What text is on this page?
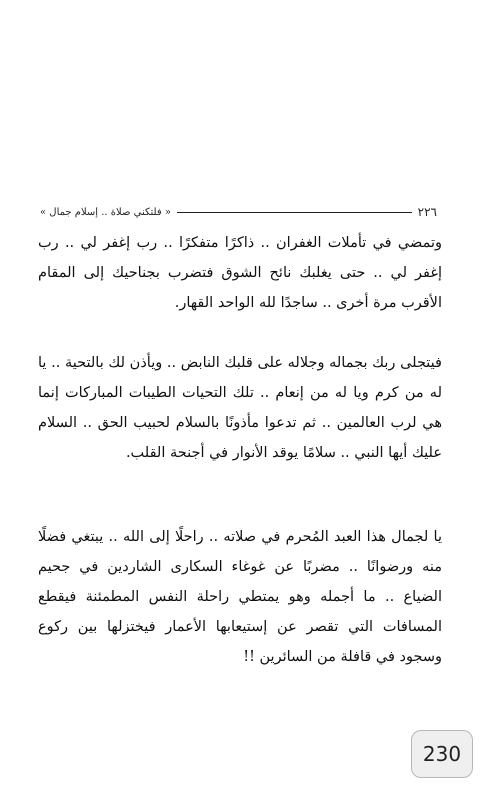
٢٢٦
« فلتكني صلاة .. إسلام جمال »

وتمضي في تأملات الغفران .. ذاكرًا متفكرًا .. رب إغفر لي .. رب إغفر لي .. حتى يغلبك نائح الشوق فتضرب بجناحيك إلى المقام الأقرب مرة أخرى .. ساجدًا لله الواحد القهار.

فيتجلى ربك بجماله وجلاله على قلبك النابض .. ويأذن لك بالتحية .. يا له من كرم ويا له من إنعام .. تلك التحيات الطيبات المباركات إنما هي لرب العالمين .. ثم تدعوا مأذونًا بالسلام لحبيب الحق .. السلام عليك أيها النبي .. سلامًا يوقد الأنوار في أجنحة القلب.

يا لجمال هذا العبد المُحرم في صلاته .. راحلًا إلى الله .. يبتغي فضلًا منه ورضوانًا .. مضربًا عن غوغاء السكارى الشاردين في جحيم الضياع .. ما أجمله وهو يمتطي راحلة النفس المطمئنة فيقطع المسافات التي تقصر عن إستيعابها الأعمار فيختزلها بين ركوع وسجود في قافلة من السائرين !!

230
